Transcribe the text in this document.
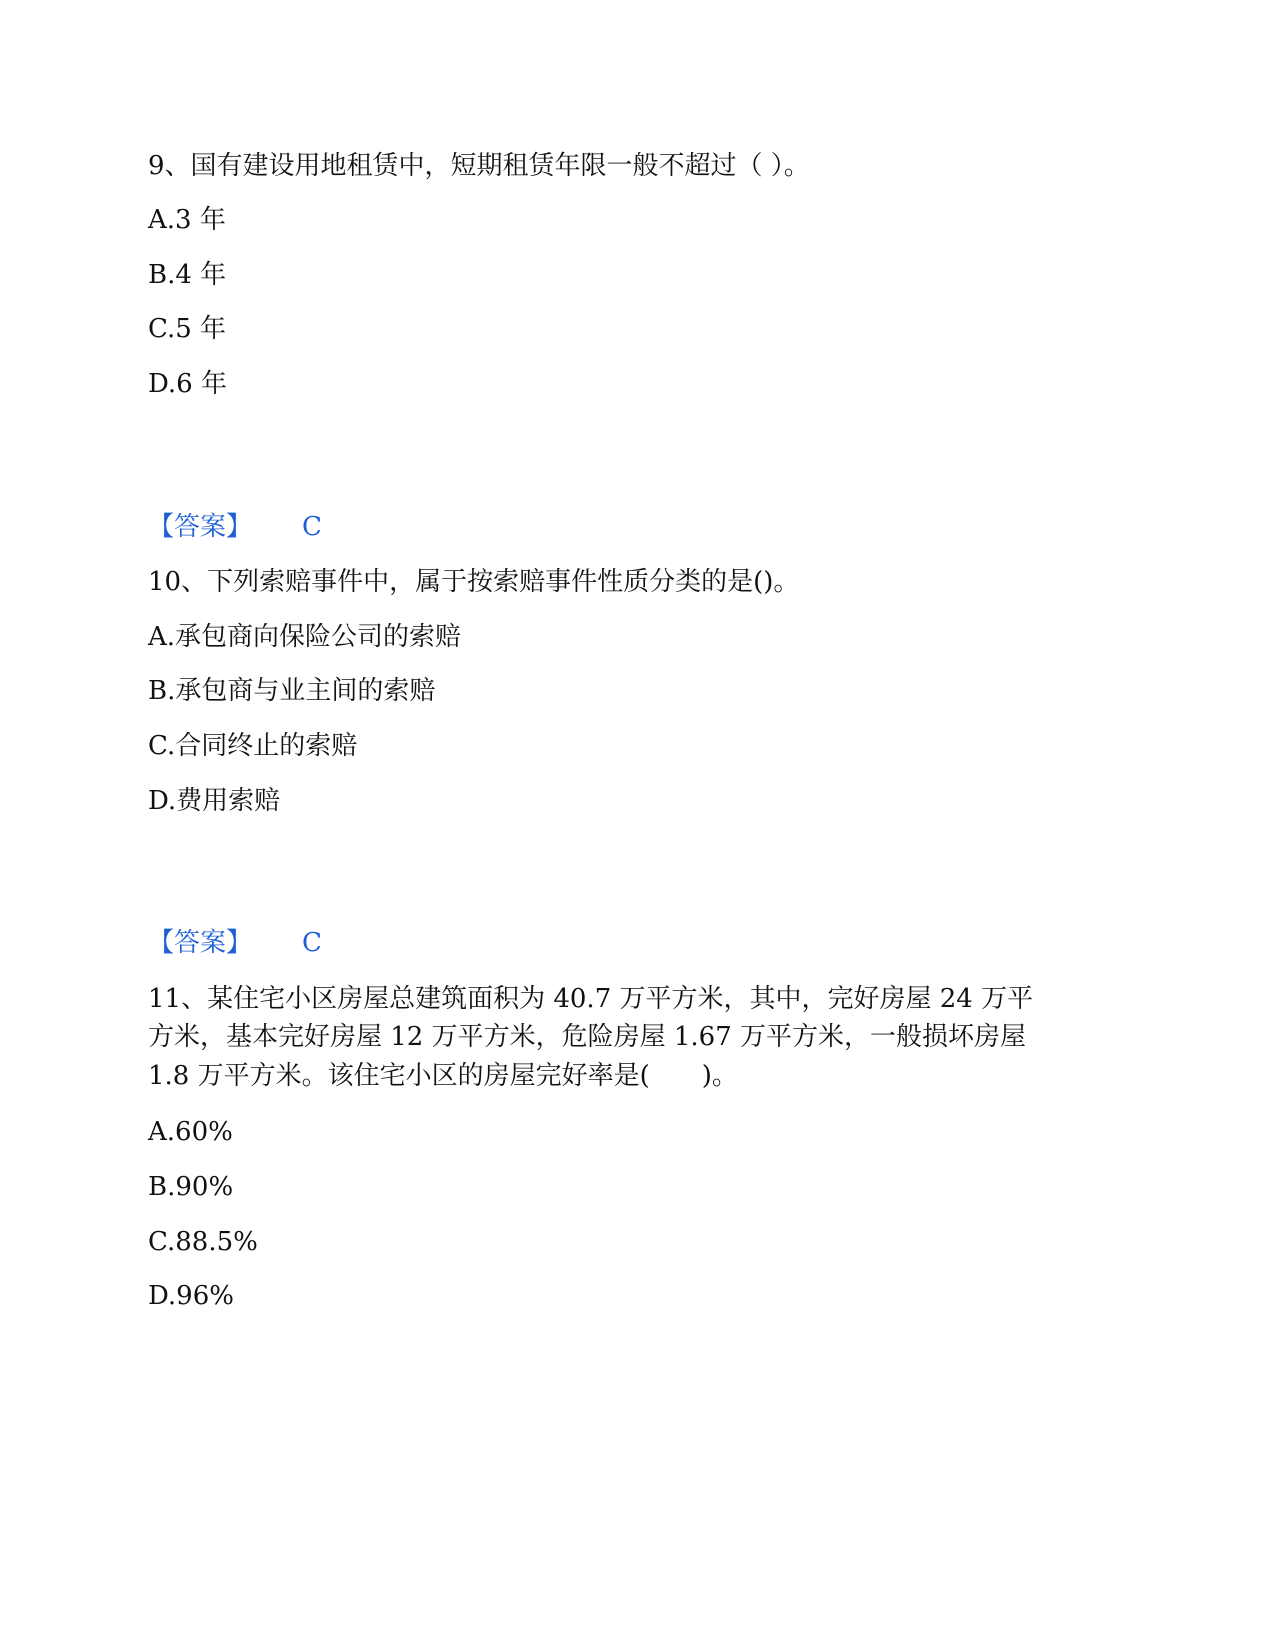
9、国有建设用地租赁中，短期租赁年限一般不超过（ ）。
A.3 年
B.4 年
C.5 年
D.6 年
【答案】 C
10、下列索赔事件中，属于按索赔事件性质分类的是()。
A.承包商向保险公司的索赔
B.承包商与业主间的索赔
C.合同终止的索赔
D.费用索赔
【答案】 C
11、某住宅小区房屋总建筑面积为 40.7 万平方米，其中，完好房屋 24 万平
方米，基本完好房屋 12 万平方米，危险房屋 1.67 万平方米，一般损坏房屋
1.8 万平方米。该住宅小区的房屋完好率是(　　)。
A.60%
B.90%
C.88.5%
D.96%
